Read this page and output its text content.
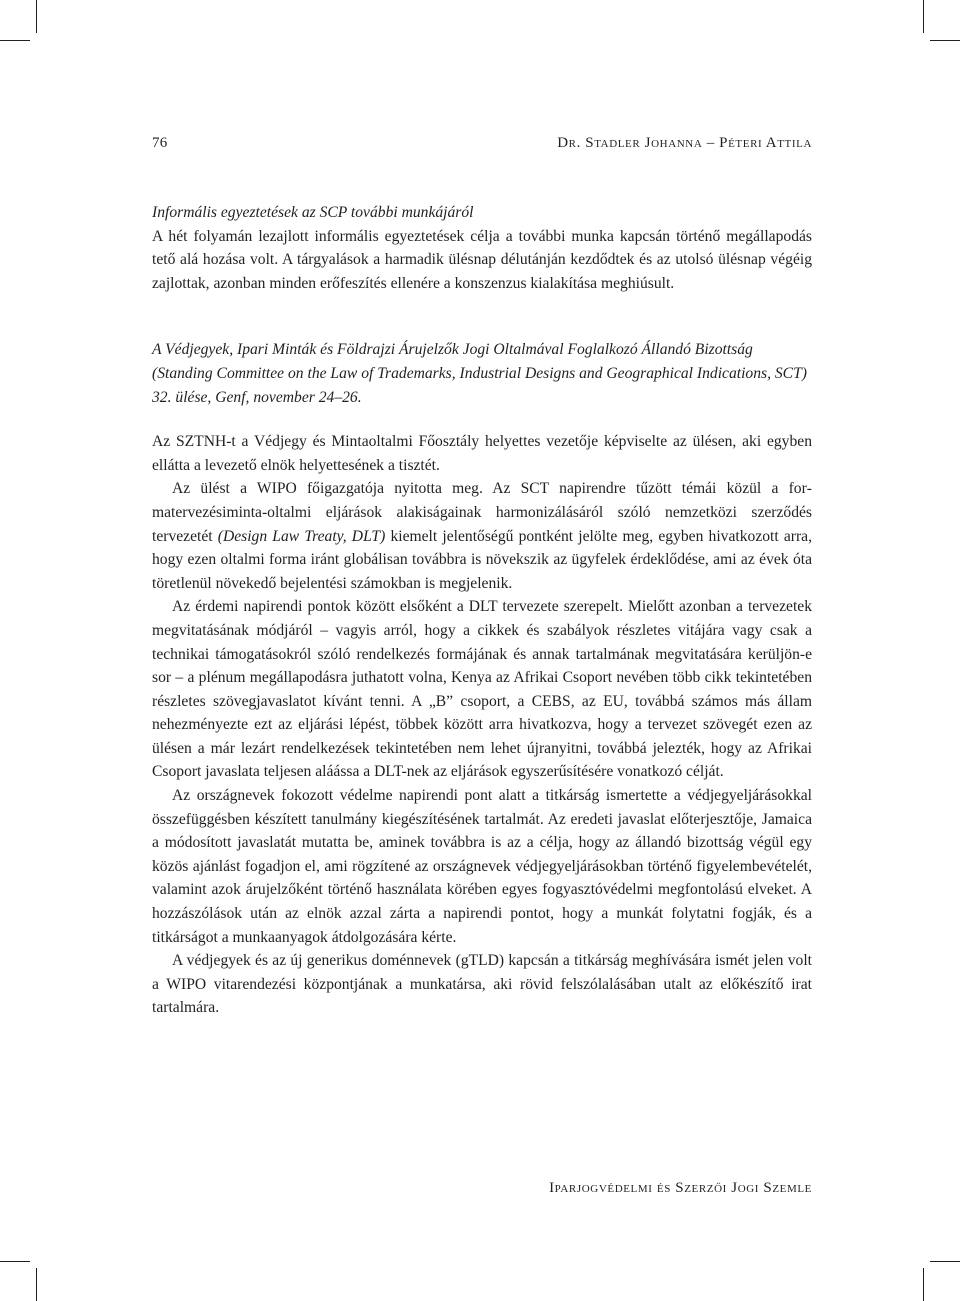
76	Dr. Stadler Johanna – Péteri Attila

Informális egyeztetések az SCP további munkájáról

A hét folyamán lezajlott informális egyeztetések célja a további munka kapcsán történő megállapodás tető alá hozása volt. A tárgyalások a harmadik ülésnap délutánján kezdődtek és az utolsó ülésnap végéig zajlottak, azonban minden erőfeszítés ellenére a konszenzus kialakítása meghiúsult.

A Védjegyek, Ipari Minták és Földrajzi Árujelzők Jogi Oltalmával Foglalkozó Állandó Bizottság (Standing Committee on the Law of Trademarks, Industrial Designs and Geographical Indications, SCT) 32. ülése, Genf, november 24–26.

Az SZTNH-t a Védjegy és Mintaoltalmi Főosztály helyettes vezetője képviselte az ülésen, aki egyben ellátta a levezető elnök helyettesének a tisztét.

Az ülést a WIPO főigazgatója nyitotta meg. Az SCT napirendre tűzött témái közül a formatervezésiminta-oltalmi eljárások alakiságainak harmonizálásáról szóló nemzetközi szerződés tervezetét (Design Law Treaty, DLT) kiemelt jelentőségű pontként jelölte meg, egyben hivatkozott arra, hogy ezen oltalmi forma iránt globálisan továbbra is növekszik az ügyfelek érdeklődése, ami az évek óta töretlenül növekedő bejelentési számokban is megjelenik.

Az érdemi napirendi pontok között elsőként a DLT tervezete szerepelt. Mielőtt azonban a tervezetek megvitatásának módjáról – vagyis arról, hogy a cikkek és szabályok részletes vitájára vagy csak a technikai támogatásokról szóló rendelkezés formájának és annak tartalmának megvitatására kerüljön-e sor – a plénum megállapodásra juthatott volna, Kenya az Afrikai Csoport nevében több cikk tekintetében részletes szövegjavaslatot kívánt tenni. A „B” csoport, a CEBS, az EU, továbbá számos más állam nehezményezte ezt az eljárási lépést, többek között arra hivatkozva, hogy a tervezet szövegét ezen az ülésen a már lezárt rendelkezések tekintetében nem lehet újranyitni, továbbá jelezték, hogy az Afrikai Csoport javaslata teljesen aláássa a DLT-nek az eljárások egyszerűsítésére vonatkozó célját.

Az országnevek fokozott védelme napirendi pont alatt a titkárság ismertette a védjegyeljárásokkal összefüggésben készített tanulmány kiegészítésének tartalmát. Az eredeti javaslat előterjesztője, Jamaica a módosított javaslatát mutatta be, aminek továbbra is az a célja, hogy az állandó bizottság végül egy közös ajánlást fogadjon el, ami rögzítené az országnevek védjegyeljárásokban történő figyelembevételét, valamint azok árujelzőként történő használata körében egyes fogyasztóvédelmi megfontolású elveket. A hozzászólások után az elnök azzal zárta a napirendi pontot, hogy a munkát folytatni fogják, és a titkárságot a munkaanyagok átdolgozására kérte.

A védjegyek és az új generikus doménnevek (gTLD) kapcsán a titkárság meghívására ismét jelen volt a WIPO vitarendezési központjának a munkatársa, aki rövid felszólalásában utalt az előkészítő irat tartalmára.

Iparjogvédelmi és Szerzői Jogi Szemle
